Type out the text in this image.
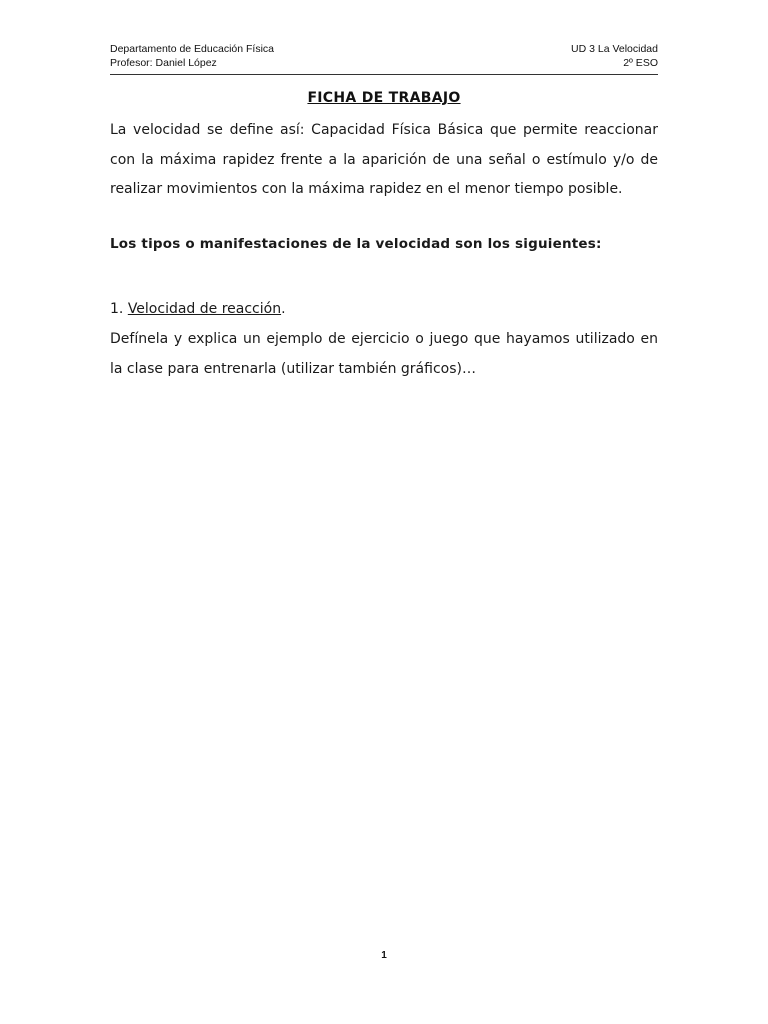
Departamento de Educación Física	UD 3 La Velocidad
Profesor: Daniel López	2º ESO
FICHA DE TRABAJO
La velocidad se define así: Capacidad Física Básica que permite reaccionar con la máxima rapidez frente a la aparición de una señal o estímulo y/o de realizar movimientos con la máxima rapidez en el menor tiempo posible.
Los tipos o manifestaciones de la velocidad son los siguientes:
1. Velocidad de reacción.
Defínela y explica un ejemplo de ejercicio o juego que hayamos utilizado en la clase para entrenarla (utilizar también gráficos)…
1
